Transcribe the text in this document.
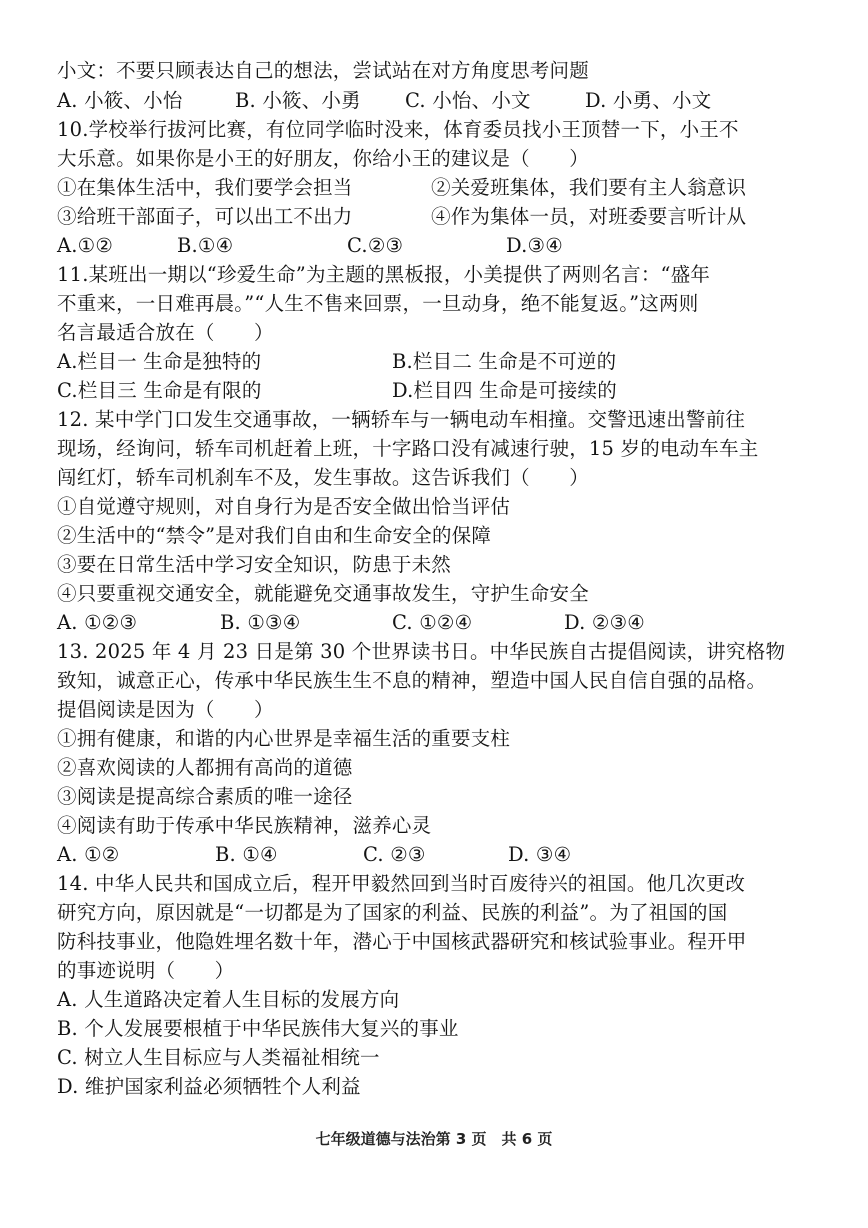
小文：不要只顾表达自己的想法，尝试站在对方角度思考问题
A. 小筱、小怡	B. 小筱、小勇 C. 小怡、小文	D. 小勇、小文
10.学校举行拔河比赛，有位同学临时没来，体育委员找小王顶替一下，小王不
大乐意。如果你是小王的好朋友，你给小王的建议是（　　）
①在集体生活中，我们要学会担当	②关爱班集体，我们要有主人翁意识
③给班干部面子，可以出工不出力	④作为集体一员，对班委要言听计从
A.①②	B.①④	C.②③	D.③④
11.某班出一期以“珍爱生命”为主题的黑板报，小美提供了两则名言：“盛年
不重来，一日难再晨。”“人生不售来回票，一旦动身，绝不能复返。”这两则
名言最适合放在（　　）
A.栏目一 生命是独特的	B.栏目二 生命是不可逆的
C.栏目三 生命是有限的	D.栏目四 生命是可接续的
12. 某中学门口发生交通事故，一辆轿车与一辆电动车相撞。交警迅速出警前往
现场，经询问，轿车司机赶着上班，十字路口没有减速行驶，15 岁的电动车车主
闯红灯，轿车司机刹车不及，发生事故。这告诉我们（　　）
①自觉遵守规则，对自身行为是否安全做出恰当评估
②生活中的“禁令”是对我们自由和生命安全的保障
③要在日常生活中学习安全知识，防患于未然
④只要重视交通安全，就能避免交通事故发生，守护生命安全
A. ①②③	B. ①③④	C. ①②④	D. ②③④
13. 2025 年 4 月 23 日是第 30 个世界读书日。中华民族自古提倡阅读，讲究格物
致知，诚意正心，传承中华民族生生不息的精神，塑造中国人民自信自强的品格。
提倡阅读是因为（　　）
①拥有健康，和谐的内心世界是幸福生活的重要支柱
②喜欢阅读的人都拥有高尚的道德
③阅读是提高综合素质的唯一途径
④阅读有助于传承中华民族精神，滋养心灵
A. ①②	B. ①④	C. ②③	D. ③④
14. 中华人民共和国成立后，程开甲毅然回到当时百废待兴的祖国。他几次更改
研究方向，原因就是“一切都是为了国家的利益、民族的利益”。为了祖国的国
防科技事业，他隐姓埋名数十年，潜心于中国核武器研究和核试验事业。程开甲
的事迹说明（　　）
A. 人生道路决定着人生目标的发展方向
B. 个人发展要根植于中华民族伟大复兴的事业
C. 树立人生目标应与人类福祉相统一
D. 维护国家利益必须牺牲个人利益
七年级道德与法治第 3 页　共 6 页
